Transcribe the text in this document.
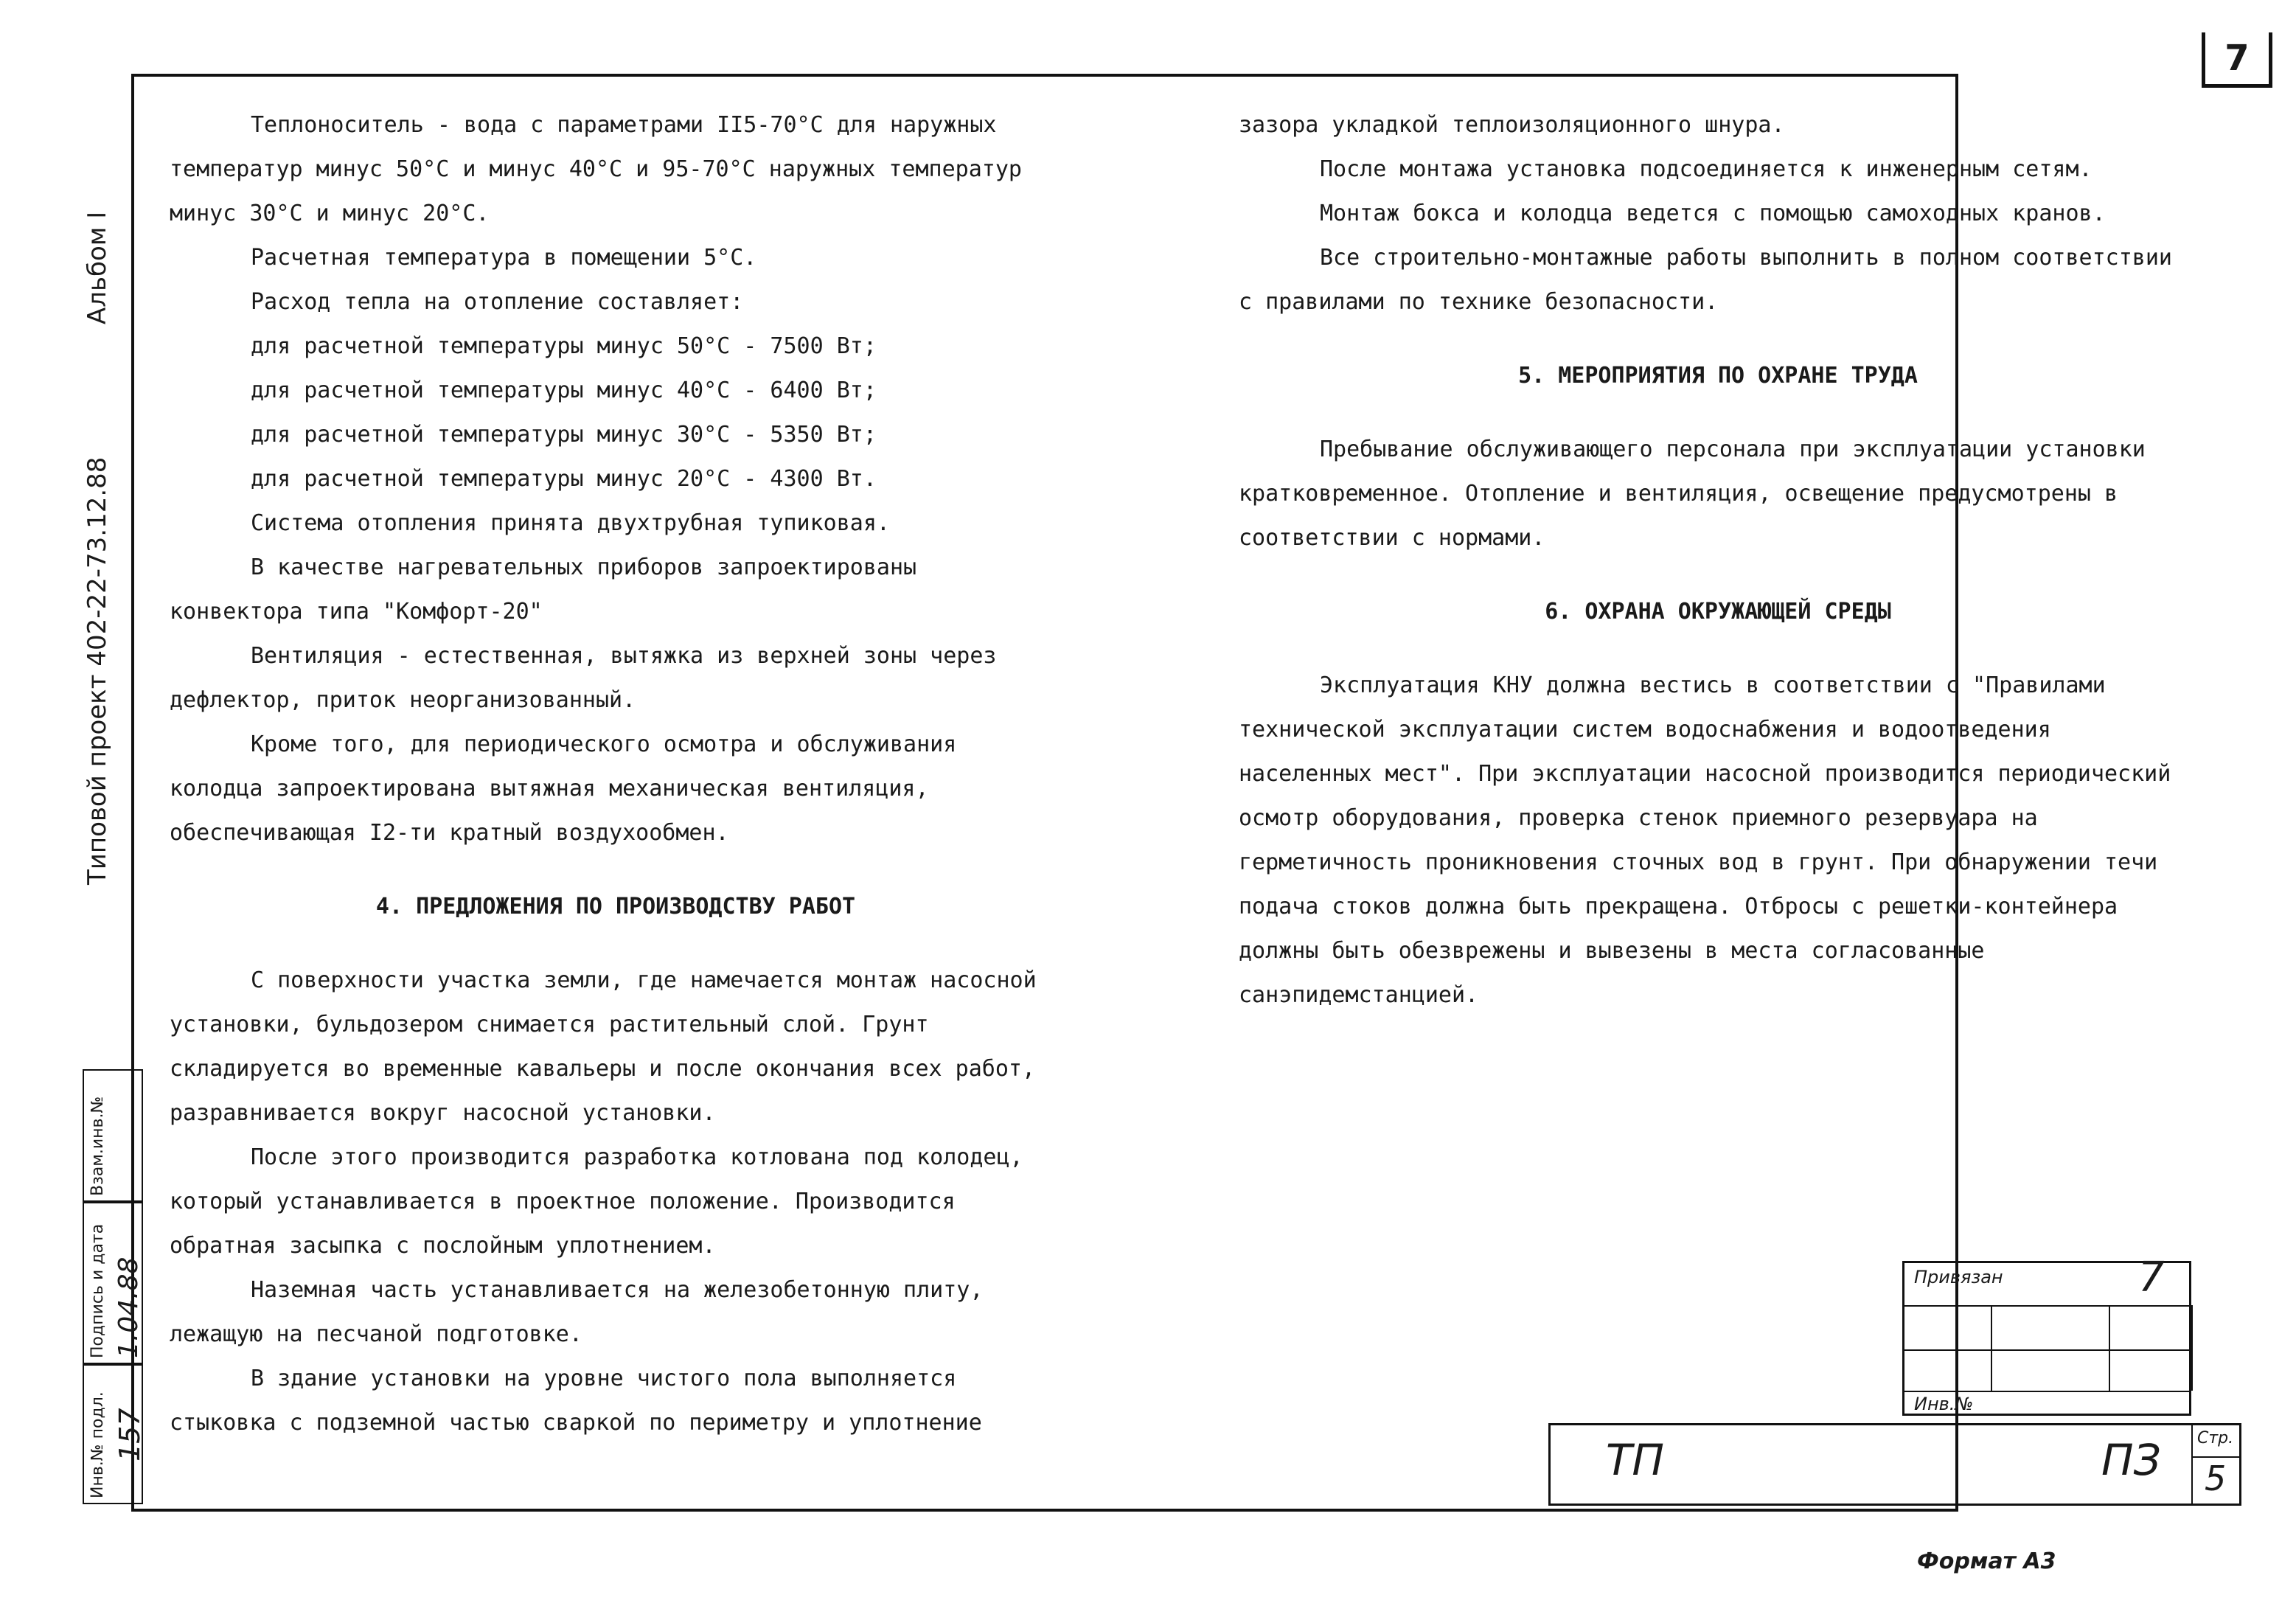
7
Альбом I
Типовой проект 402-22-73.12.88
Взам.инв.№
Подпись и дата 1.04.88
Инв.№ подл. 157

Теплоноситель - вода с параметрами II5-70°C для наружных температур минус 50°C и минус 40°C и 95-70°C наружных температур минус 30°C и минус 20°C.

Расчетная температура в помещении 5°С.

Расход тепла на отопление составляет:

для расчетной температуры минус 50°C - 7500 Вт;

для расчетной температуры минус 40°C - 6400 Вт;

для расчетной температуры минус 30°C - 5350 Вт;

для расчетной температуры минус 20°С - 4300 Вт.

Система отопления принята двухтрубная тупиковая.

В качестве нагревательных приборов запроектированы конвектора типа "Комфорт-20"

Вентиляция - естественная, вытяжка из верхней зоны через дефлектор, приток неорганизованный.

Кроме того, для периодического осмотра и обслуживания колодца запроектирована вытяжная механическая вентиляция, обеспечивающая I2-ти кратный воздухообмен.

4. ПРЕДЛОЖЕНИЯ ПО ПРОИЗВОДСТВУ РАБОТ

С поверхности участка земли, где намечается монтаж насосной установки, бульдозером снимается растительный слой. Грунт складируется во временные кавальеры и после окончания всех работ, разравнивается вокруг насосной установки.

После этого производится разработка котлована под колодец, который устанавливается в проектное положение. Производится обратная засыпка с послойным уплотнением.

Наземная часть устанавливается на железобетонную плиту, лежащую на песчаной подготовке.

В здание установки на уровне чистого пола выполняется стыковка с подземной частью сваркой по периметру и уплотнение

зазора укладкой теплоизоляционного шнура.

После монтажа установка подсоединяется к инженерным сетям.

Монтаж бокса и колодца ведется с помощью самоходных кранов.

Все строительно-монтажные работы выполнить в полном соответствии с правилами по технике безопасности.

5. МЕРОПРИЯТИЯ ПО ОХРАНЕ ТРУДА

Пребывание обслуживающего персонала при эксплуатации установки кратковременное. Отопление и вентиляция, освещение предусмотрены в соответствии с нормами.

6. ОХРАНА ОКРУЖАЮЩЕЙ СРЕДЫ

Эксплуатация КНУ должна вестись в соответствии с "Правилами технической эксплуатации систем водоснабжения и водоотведения населенных мест". При эксплуатации насосной производится периодический осмотр оборудования, проверка стенок приемного резервуара на герметичность проникновения сточных вод в грунт. При обнаружении течи подача стоков должна быть прекращена. Отбросы с решетки-контейнера должны быть обезврежены и вывезены в места согласованные санэпидемстанцией.

Привязан	7
Инв.№
ТП	ПЗ Стр.
5
Формат А3
